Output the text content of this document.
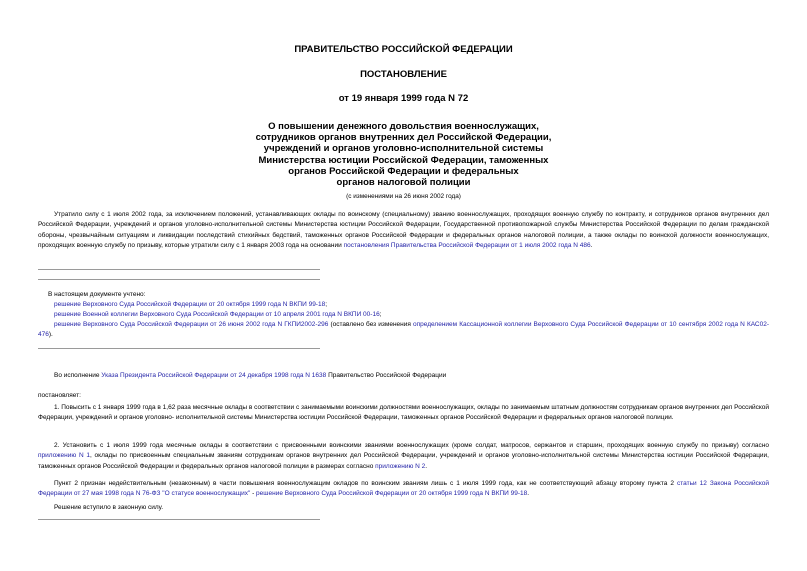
ПРАВИТЕЛЬСТВО РОССИЙСКОЙ ФЕДЕРАЦИИ
ПОСТАНОВЛЕНИЕ
от 19 января 1999 года N 72
О повышении денежного довольствия военнослужащих,
сотрудников органов внутренних дел Российской Федерации,
учреждений и органов уголовно-исполнительной системы
Министерства юстиции Российской Федерации, таможенных
органов Российской Федерации и федеральных
органов налоговой полиции
(с изменениями на 26 июня 2002 года)
Утратило силу с 1 июля 2002 года, за исключением положений, устанавливающих оклады по воинскому (специальному) званию военнослужащих, проходящих военную службу по контракту, и сотрудников органов внутренних дел Российской Федерации, учреждений и органов уголовно-исполнительной системы Министерства юстиции Российской Федерации, Государственной противопожарной службы Министерства Российской Федерации по делам гражданской обороны, чрезвычайным ситуациям и ликвидации последствий стихийных бедствий, таможенных органов Российской Федерации и федеральных органов налоговой полиции, а также оклады по воинской должности военнослужащих, проходящих военную службу по призыву, которые утратили силу с 1 января 2003 года на основании постановления Правительства Российской Федерации от 1 июля 2002 года N 486.
В настоящем документе учтено:
решение Верховного Суда Российской Федерации от 20 октября 1999 года N ВКПИ 99-18;
решение Военной коллегии Верховного Суда Российской Федерации от 10 апреля 2001 года N ВКПИ 00-16;
решение Верховного Суда Российской Федерации от 26 июня 2002 года N ГКПИ2002-296 (оставлено без изменения определением Кассационной коллегии Верховного Суда Российской Федерации от 10 сентября 2002 года N КАС02-476).
Во исполнение Указа Президента Российской Федерации от 24 декабря 1998 года N 1638 Правительство Российской Федерации
постановляет:
1. Повысить с 1 января 1999 года в 1,62 раза месячные оклады в соответствии с занимаемыми воинскими должностями военнослужащих, оклады по занимаемым штатным должностям сотрудникам органов внутренних дел Российской Федерации, учреждений и органов уголовно- исполнительной системы Министерства юстиции Российской Федерации, таможенных органов Российской Федерации и федеральных органов налоговой полиции.
2. Установить с 1 июля 1999 года месячные оклады в соответствии с присвоенными воинскими званиями военнослужащих (кроме солдат, матросов, сержантов и старшин, проходящих военную службу по призыву) согласно приложению N 1, оклады по присвоенным специальным званиям сотрудникам органов внутренних дел Российской Федерации, учреждений и органов уголовно-исполнительной системы Министерства юстиции Российской Федерации, таможенных органов Российской Федерации и федеральных органов налоговой полиции в размерах согласно приложению N 2.
Пункт 2 признан недействительным (незаконным) в части повышения военнослужащим окладов по воинским званиям лишь с 1 июля 1999 года, как не соответствующий абзацу второму пункта 2 статьи 12 Закона Российской Федерации от 27 мая 1998 года N 76-ФЗ "О статусе военнослужащих" - решение Верховного Суда Российской Федерации от 20 октября 1999 года N ВКПИ 99-18.
Решение вступило в законную силу.
